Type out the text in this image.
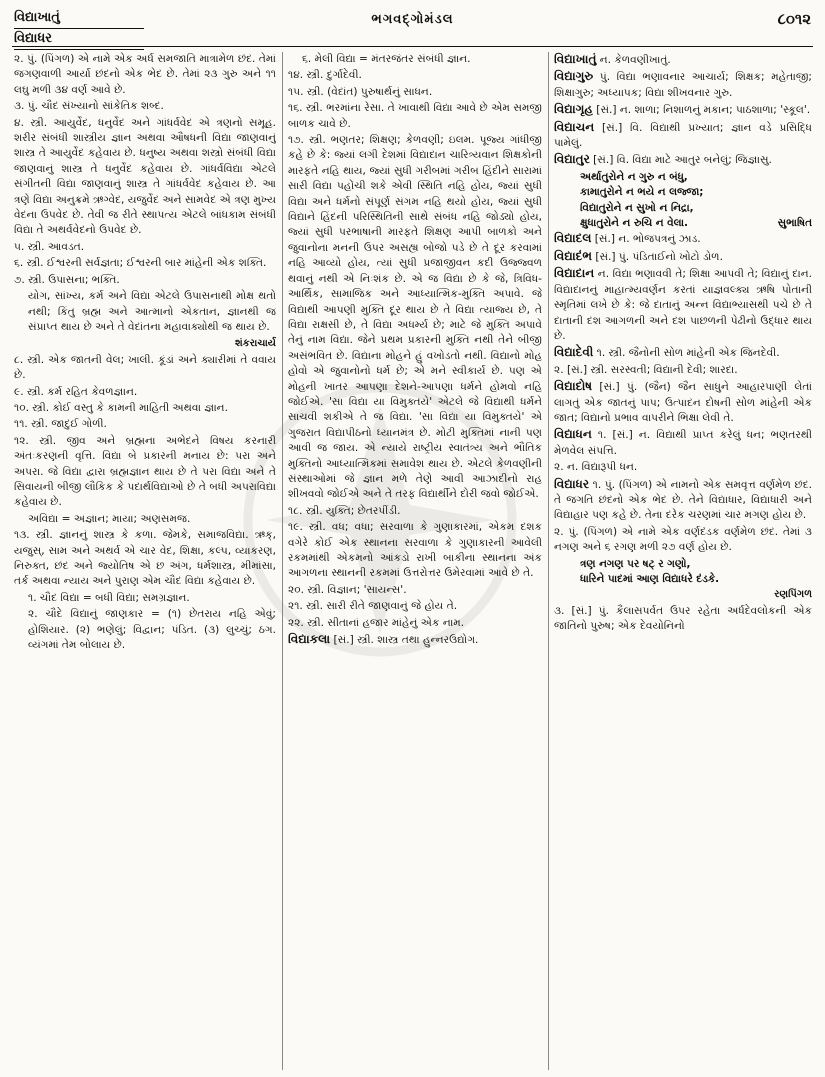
વિદ્યાખાતું
વિદ્યાધર
ભગવદ્ગોમંડલ	૮૦૧૨

૨. પું. (પિંગળ) એ નામે એક અર્ધ સમજાતિ માત્રામેળ છંદ. તેમાં જગણવાળી આર્યા છંદનો એક ભેદ છે. તેમાં ૨૩ ગુરુ અને ૧૧ લઘુ મળી ૩૪ વર્ણ આવે છે.

૩. પું. ચૌદ સંખ્યાનો સાંકેતિક શબ્દ.

૪. સ્ત્રી. આયુર્વેદ, ધનુર્વેદ અને ગાંધર્વવેદ એ ત્રણનો સમૂહ. શરીર સંબંધી શાસ્ત્રીય જ્ઞાન અથવા ઔષધની વિદ્યા જાણવાનું શાસ્ત્ર તે આયુર્વેદ કહેવાય છે. ધનુષ્ય અથવા શસ્ત્રો સંબંધી વિદ્યા જાણવાનું શાસ્ત્ર તે ધનુર્વેદ કહેવાય છે. ગાંધર્વવિદ્યા એટલે સંગીતની વિદ્યા જાણવાનું શાસ્ત્ર તે ગાંધર્વવેદ કહેવાય છે. આ ત્રણે વિદ્યા અનુક્રમે ઋગ્વેદ, યજુર્વેદ અને સામવેદ એ ત્રણ મુખ્ય વેદના ઉપવેદ છે. તેવી જ રીતે સ્થાપત્ય એટલે બાંધકામ સંબંધી વિદ્યા તે અથર્વવેદનો ઉપવેદ છે.

૫. સ્ત્રી. આવડત.

૬. સ્ત્રી. ઈશ્વરની સર્વજ્ઞતા; ઈશ્વરની બાર માંહેની એક શક્તિ.

૭. સ્ત્રી. ઉપાસના; ભક્તિ.

યોગ, સાંખ્ય, કર્મ અને વિદ્યા એટલે ઉપાસનાથી મોક્ષ થતો નથી; કિંતુ બ્રહ્મ અને આત્માનો એકતાન, જ્ઞાનથી જ સંપ્રાપ્ત થાય છે અને તે વેદાંતના મહાવાક્યોથી જ થાય છે.

શંકરાચાર્ય

૮. સ્ત્રી. એક જાતની વેલ; ખાલી. કૂંડાં અને ક્યારીમાં તે વવાય છે.

૯. સ્ત્રી. કર્મ રહિત કેવળજ્ઞાન.

૧૦. સ્ત્રી. કોઈ વસ્તુ કે કામની માહિતી અથવા જ્ઞાન.

૧૧. સ્ત્રી. જાદુઈ ગોળી.

૧૨. સ્ત્રી. જીવ અને બ્રહ્મના અભેદને વિષય કરનારી અંતઃકરણની વૃત્તિ. વિદ્યા બે પ્રકારની મનાય છે: પરા અને અપરા. જે વિદ્યા દ્વારા બ્રહ્મજ્ઞાન થાય છે તે પરા વિદ્યા અને તે સિવાયની બીજી લૌકિક કે પદાર્થવિદ્યાઓ છે તે બધી અપરાવિદ્યા કહેવાય છે.

અવિદ્યા = અજ્ઞાન; માયા; અણસમજ.

૧૩. સ્ત્રી. જ્ઞાનનું શાસ્ત્ર કે કળા. જેમકે, સમાજવિદ્યા. ઋક્, યજુસ્, સામ અને અથર્વ એ ચાર વેદ, શિક્ષા, કલ્પ, વ્યાકરણ, નિરુક્ત, છંદ અને જ્યોતિષ એ છ અંગ, ધર્મશાસ્ત્ર, મીમાંસા, તર્ક અથવા ન્યાય અને પુરાણ એમ ચૌદ વિદ્યા કહેવાય છે.

૧. ચૌદ વિદ્યા = બધી વિદ્યા; સમગ્રજ્ઞાન.

૨. ચૌદે વિદ્યાનું જાણકાર = (૧) છેતરાય નહિ એવું; હોશિયાર. (૨) ભણેલું; વિદ્વાન; પંડિત. (૩) લુચ્ચું; ઠગ. વ્યંગમાં તેમ બોલાય છે.

૬. મેલી વિદ્યા = મંતરજંતર સંબંધી જ્ઞાન.

૧૪. સ્ત્રી. દુર્ગાદેવી.

૧૫. સ્ત્રી. (વેદાંત) પુરુષાર્થનું સાધન.

૧૬. સ્ત્રી. ભરમાંના રેસા. તે ખાવાથી વિદ્યા આવે છે એમ સમજી બાળક ચાવે છે.

૧૭. સ્ત્રી. ભણતર; શિક્ષણ; કેળવણી; ઇલમ. પૂજ્ય ગાંધીજી કહે છે કે: જ્યાં લગી દેશમાં વિદ્યાદાન ચારિત્ર્યવાન શિક્ષકોની મારફતે નહિ થાય, જ્યાં સુધી ગરીબમાં ગરીબ હિંદીને સારામાં સારી વિદ્યા પહોંચી શકે એવી સ્થિતિ નહિ હોય, જ્યાં સુધી વિદ્યા અને ધર્મનો સંપૂર્ણ સંગમ નહિ થયો હોય, જ્યાં સુધી વિદ્યાને હિંદની પરિસ્થિતિની સાથે સંબંધ નહિ જોડ્યો હોય, જ્યાં સુધી પરભાષાની મારફતે શિક્ષણ આપી બાળકો અને જુવાનોના મનની ઉપર અસહ્ય બોજો પડે છે તે દૂર કરવામાં નહિ આવ્યો હોય, ત્યાં સુધી પ્રજાજીવન કદી ઉજ્જ્વળ થવાનું નથી એ નિઃશંક છે. એ જ વિદ્યા છે કે જે, ત્રિવિધ-આર્થિક, સામાજિક અને આધ્યાત્મિક-મુક્તિ અપાવે. જે વિદ્યાથી આપણી મુક્તિ દૂર થાય છે તે વિદ્યા ત્યાજ્ય છે, તે વિદ્યા રાક્ષસી છે, તે વિદ્યા અધર્મ્ય છે; માટે જે મુક્તિ અપાવે તેનું નામ વિદ્યા. જેને પ્રથમ પ્રકારની મુક્તિ નથી તેને બીજી અસંભવિત છે. વિદ્યાના મોહને હું વખોડતો નથી. વિદ્યાનો મોહ હોવો એ જુવાનોનો ધર્મ છે; એ મને સ્વીકાર્ય છે. પણ એ મોહની ખાતર આપણા દેશને-આપણા ધર્મને હોમવો નહિ જોઈએ. 'સા વિદ્યા યા વિમુક્તયે' એટલે જે વિદ્યાથી ધર્મને સાચવી શકીએ તે જ વિદ્યા. 'સા વિદ્યા યા વિમુક્તયે' એ ગુજરાત વિદ્યાપીઠનો ધ્યાનમંત્ર છે. મોટી મુક્તિમાં નાની પણ આવી જ જાય. એ ન્યાયે રાષ્ટ્રીય સ્વાતંત્ર્ય અને ભૌતિક મુક્તિનો આધ્યાત્મિકમાં સમાવેશ થાય છે. એટલે કેળવણીની સંસ્થાઓમાં જે જ્ઞાન મળે તેણે આવી આઝાદીનો રાહ શીખવવો જોઈએ અને તે તરફ વિદ્યાર્થીને દોરી જવો જોઈએ.

૧૮. સ્ત્રી. યુક્તિ; છેતરપીંડી.

૧૯. સ્ત્રી. વધ; વધા; સરવાળા કે ગુણાકારમાં, એકમ દશક વગેરે કોઈ એક સ્થાનના સરવાળા કે ગુણાકારની આવેલી રકમમાંથી એકમનો આંકડો રાખી બાકીના સ્થાનના અંક આગળના સ્થાનની રકમમાં ઉત્તરોત્તર ઉમેરવામાં આવે છે તે.

૨૦. સ્ત્રી. વિજ્ઞાન; 'સાયન્સ'.

૨૧. સ્ત્રી. સારી રીતે જાણવાનું જે હોય તે.

૨૨. સ્ત્રી. સીતાનાં હજાર માંહેનું એક નામ.

વિદ્યાકલા [સં.] સ્ત્રી. શાસ્ત્ર તથા હુન્નરઉદ્યોગ.

વિદ્યાખાતું ન. કેળવણીખાતું.

વિદ્યાગુરુ પું. વિદ્યા ભણાવનાર આચાર્ય; શિક્ષક; મહેતાજી; શિક્ષાગુરુ; અધ્યાપક; વિદ્યા શીખવનાર ગુરુ.

વિદ્યાગૃહ [સં.] ન. શાળા; નિશાળનું મકાન; પાઠશાળા; 'સ્કૂલ'.

વિદ્યાચન [સં.] વિ. વિદ્યાથી પ્રખ્યાત; જ્ઞાન વડે પ્રસિદ્ધિ પામેલું.

વિદ્યાતુર [સં.] વિ. વિદ્યા માટે આતુર બનેલું; જિજ્ઞાસુ.

અર્થાતુરોને ન ગુરુ ન બંધુ,
કામાતુરોને ન ભયે ન લજ્જા;
વિદ્યાતુરોને ન સુખો ન નિદ્રા,
ક્ષુધાતુરોને ન રુચિ ન વેલા.	સુભાષિત

વિદ્યાદલ [સં.] ન. ભોજપત્રનું ઝાડ.

વિદ્યાદંભ [સં.] પું. પંડિતાઈનો ખોટો ડોળ.

વિદ્યાદાન ન. વિદ્યા ભણાવવી તે; શિક્ષા આપવી તે; વિદ્યાનું દાન. વિદ્યાદાનનું માહાત્મ્યવર્ણન કરતાં યાજ્ઞવલ્ક્ય ઋષિ પોતાની સ્મૃતિમાં લખે છે કે: જે દાતાનું અન્ન વિદ્યાભ્યાસથી પચે છે તે દાતાની દશ આગળની અને દશ પાછળની પેઢીનો ઉદ્ધાર થાય છે.

વિદ્યાદેવી ૧. સ્ત્રી. જૈનોની સોળ માંહેની એક જિનદેવી.

૨. [સં.] સ્ત્રી. સરસ્વતી; વિદ્યાની દેવી; શારદા.

વિદ્યાદોષ [સં.] પું. (જૈન) જૈન સાધુને આહારપાણી લેતાં લાગતું એક જાતનું પાપ; ઉત્પાદન દોષની સોળ માંહેની એક જાત; વિદ્યાનો પ્રભાવ વાપરીને ભિક્ષા લેવી તે.

વિદ્યાધન ૧. [સં.] ન. વિદ્યાથી પ્રાપ્ત કરેલું ધન; ભણતરથી મેળવેલ સંપત્તિ.

૨. ન. વિદ્યારૂપી ધન.

વિદ્યાધર ૧. પું. (પિંગળ) એ નામનો એક સમવૃત્ત વર્ણમેળ છંદ. તે જગતિ છંદનો એક ભેદ છે. તેને વિદ્યાધાર, વિદ્યાધારી અને વિદ્યાહાર પણ કહે છે. તેના દરેક ચરણમાં ચાર મગણ હોય છે.

૨. પું. (પિંગળ) એ નામે એક વર્ણદંડક વર્ણમેળ છંદ. તેમાં ૩ નગણ અને ૬ રગણ મળી ૨૭ વર્ણ હોય છે.

ત્રણ નગણ પર ષટ્ ર ગણો,
ધારિને પાદમાં આણ વિદ્યાધરે દંડકે.

રણપિંગળ

૩. [સં.] પું. કૈલાસપર્વત ઉપર રહેતા અર્ધદેવલોકની એક જાતિનો પુરુષ; એક દેવયોનિનો
